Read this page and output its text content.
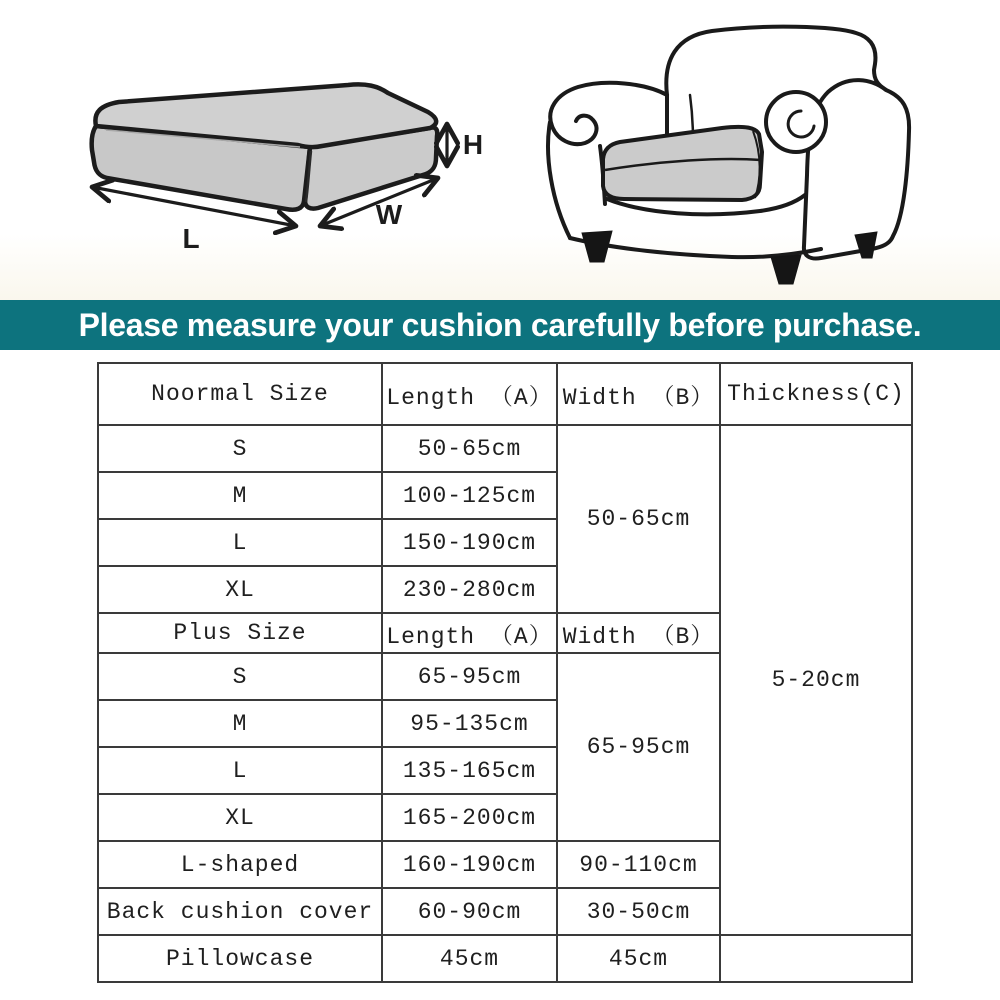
L
W
H
Please measure your cushion carefully before purchase.
Noormal Size	Length （A）	Width （B）	Thickness(C)
S	50-65cm	50-65cm	5-20cm
M	100-125cm		
L	150-190cm		
XL	230-280cm		
Plus Size	Length （A）	Width （B）	
S	65-95cm	65-95cm	
M	95-135cm		
L	135-165cm		
XL	165-200cm		
L-shaped	160-190cm	90-110cm	
Back cushion cover	60-90cm	30-50cm	
Pillowcase	45cm	45cm	
